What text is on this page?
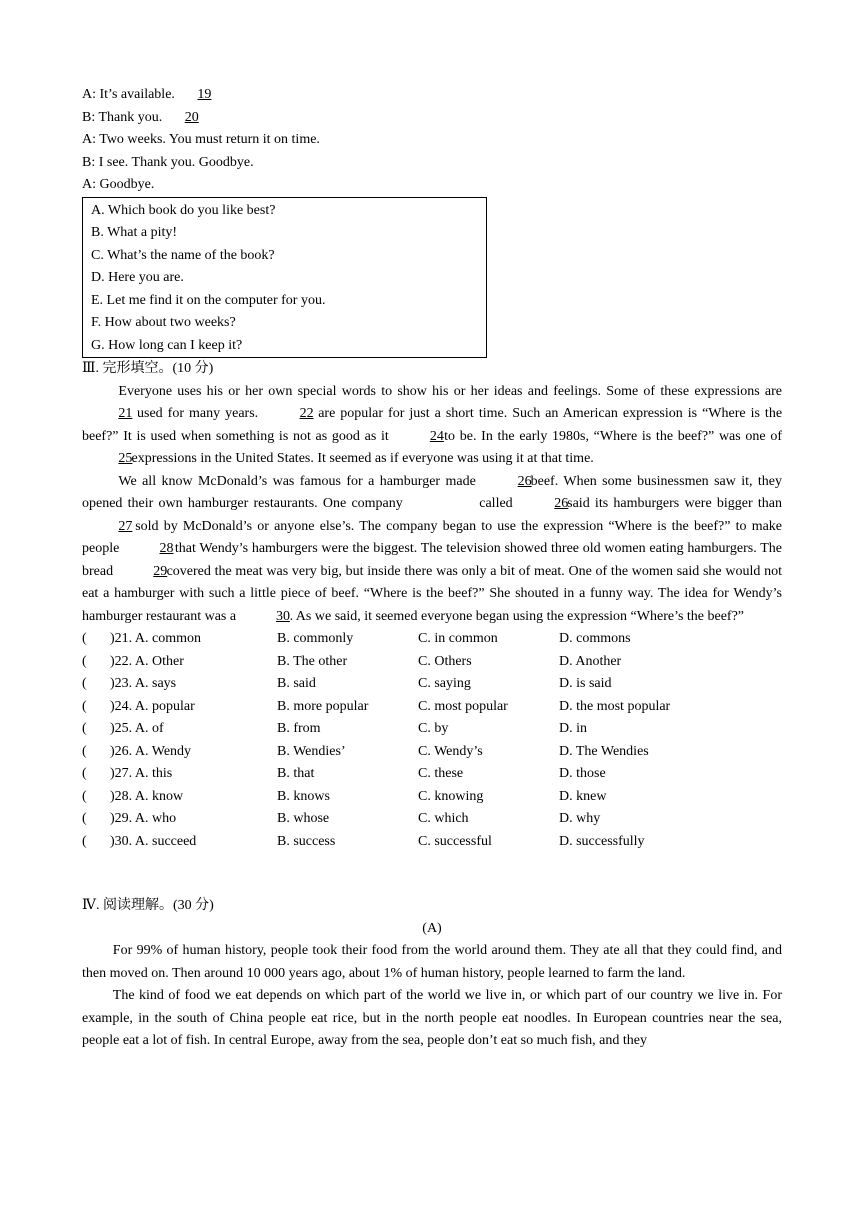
A: It’s available. 19
B: Thank you. 20
A: Two weeks. You must return it on time.
B: I see. Thank you. Goodbye.
A: Goodbye.
A. Which book do you like best?
B. What a pity!
C. What’s the name of the book?
D. Here you are.
E. Let me find it on the computer for you.
F. How about two weeks?
G. How long can I keep it?
Ⅲ. 完形填空。(10 分)
Everyone uses his or her own special words to show his or her ideas and feelings. Some of these expressions are 21 used for many years.	22 are popular for just a short time. Such an American expression is “Where is the beef?” It is used when something is not as good as it	24 to be. In the early 1980s, “Where is the beef?” was one of 25 expressions in the United States. It seemed as if everyone was using it at that time.
We all know McDonald’s was famous for a hamburger made	26 beef. When some businessmen saw it, they opened their own hamburger restaurants. One company	called	26 said its hamburgers were bigger than 27 sold by McDonald’s or anyone else’s. The company began to use the expression “Where is the beef?” to make people	28 that Wendy’s hamburgers were the biggest. The television showed three old women eating hamburgers. The bread	29 covered the meat was very big, but inside there was only a bit of meat. One of the women said she would not eat a hamburger with such a little piece of beef. “Where is the beef?” She shouted in a funny way. The idea for Wendy’s hamburger restaurant was a	30. As we said, it seemed everyone began using the expression “Where’s the beef?”
( )21. A. common	B. commonly	C. in common	D. commons
( )22. A. Other	B. The other	C. Others	D. Another
( )23. A. says	B. said	C. saying	D. is said
( )24. A. popular	B. more popular	C. most popular	D. the most popular
( )25. A. of	B. from	C. by	D. in
( )26. A. Wendy	B. Wendies’	C. Wendy’s	D. The Wendies
( )27. A. this	B. that	C. these	D. those
( )28. A. know	B. knows	C. knowing	D. knew
( )29. A. who	B. whose	C. which	D. why
( )30. A. succeed	B. success	C. successful	D. successfully
Ⅳ. 阅读理解。(30 分)
(A)
For 99% of human history, people took their food from the world around them. They ate all that they could find, and then moved on. Then around 10 000 years ago, about 1% of human history, people learned to farm the land.
The kind of food we eat depends on which part of the world we live in, or which part of our country we live in. For example, in the south of China people eat rice, but in the north people eat noodles. In European countries near the sea, people eat a lot of fish. In central Europe, away from the sea, people don’t eat so much fish, and they
